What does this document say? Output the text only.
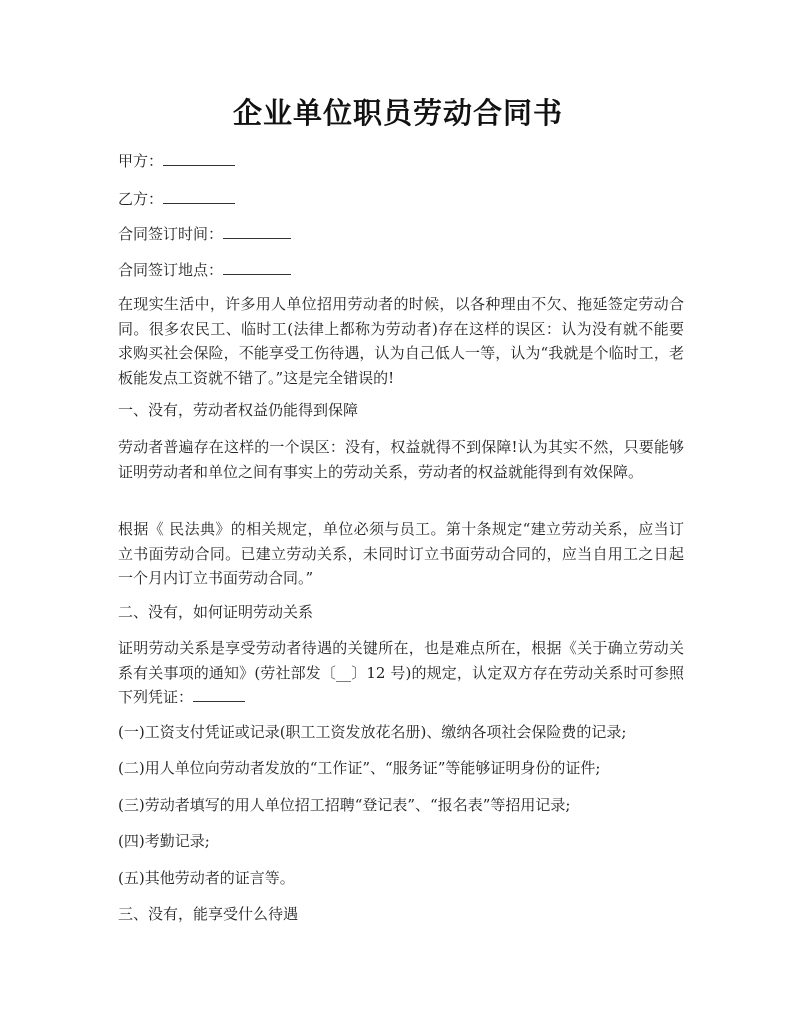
企业单位职员劳动合同书
甲方：
乙方：
合同签订时间：
合同签订地点：
在现实生活中，许多用人单位招用劳动者的时候，以各种理由不欠、拖延签定劳动合同。很多农民工、临时工(法律上都称为劳动者)存在这样的误区：认为没有就不能要求购买社会保险，不能享受工伤待遇，认为自己低人一等，认为“我就是个临时工，老板能发点工资就不错了。”这是完全错误的!
一、没有，劳动者权益仍能得到保障
劳动者普遍存在这样的一个误区：没有，权益就得不到保障!认为其实不然，只要能够证明劳动者和单位之间有事实上的劳动关系，劳动者的权益就能得到有效保障。
根据《 民法典》的相关规定，单位必须与员工。第十条规定“建立劳动关系，应当订立书面劳动合同。已建立劳动关系，未同时订立书面劳动合同的，应当自用工之日起一个月内订立书面劳动合同。”
二、没有，如何证明劳动关系
证明劳动关系是享受劳动者待遇的关键所在，也是难点所在，根据《关于确立劳动关系有关事项的通知》(劳社部发〔__〕12 号)的规定，认定双方存在劳动关系时可参照下列凭证：
(一)工资支付凭证或记录(职工工资发放花名册)、缴纳各项社会保险费的记录;
(二)用人单位向劳动者发放的“工作证”、“服务证”等能够证明身份的证件;
(三)劳动者填写的用人单位招工招聘“登记表”、“报名表”等招用记录;
(四)考勤记录;
(五)其他劳动者的证言等。
三、没有，能享受什么待遇
